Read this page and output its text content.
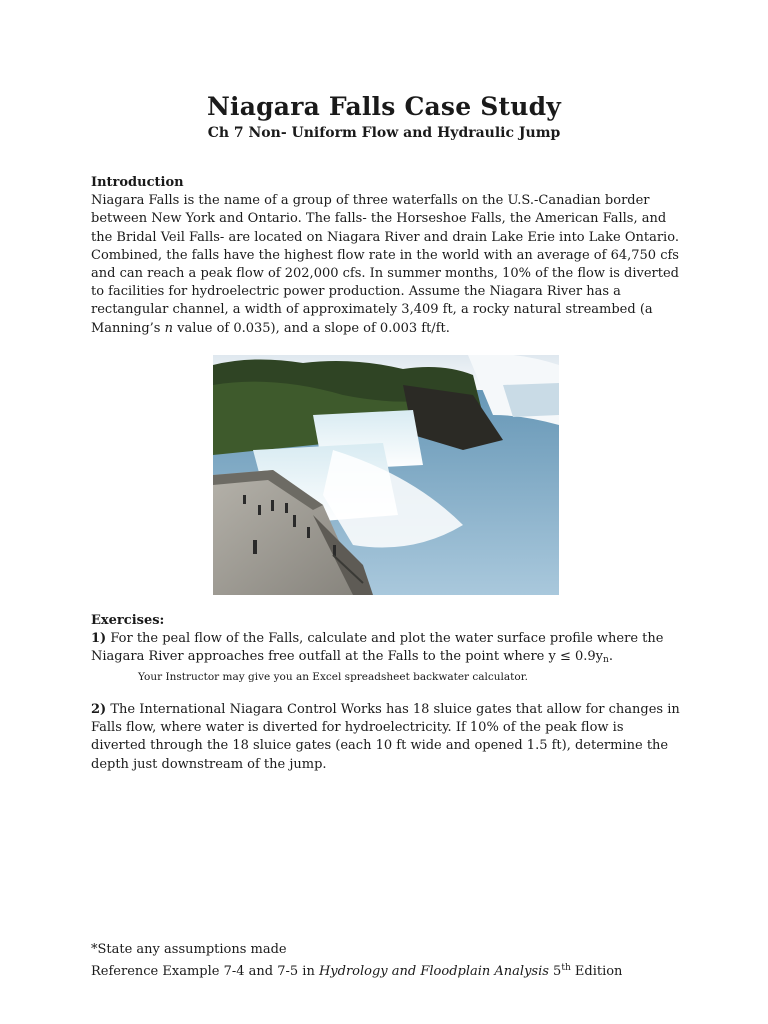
Niagara Falls Case Study
Ch 7 Non- Uniform Flow and Hydraulic Jump

Introduction

Niagara Falls is the name of a group of three waterfalls on the U.S.-Canadian border between New York and Ontario. The falls- the Horseshoe Falls, the American Falls, and the Bridal Veil Falls- are located on Niagara River and drain Lake Erie into Lake Ontario. Combined, the falls have the highest flow rate in the world with an average of 64,750 cfs and can reach a peak flow of 202,000 cfs. In summer months, 10% of the flow is diverted to facilities for hydroelectric power production. Assume the Niagara River has a rectangular channel, a width of approximately 3,409 ft, a rocky natural streambed (a Manning’s n value of 0.035), and a slope of 0.003 ft/ft.

Exercises:

1) For the peal flow of the Falls, calculate and plot the water surface profile where the Niagara River approaches free outfall at the Falls to the point where $y \le 0.9y_n$.

Your Instructor may give you an Excel spreadsheet backwater calculator.

2) The International Niagara Control Works has 18 sluice gates that allow for changes in Falls flow, where water is diverted for hydroelectricity. If 10% of the peak flow is diverted through the 18 sluice gates (each 10 ft wide and opened 1.5 ft), determine the depth just downstream of the jump.

*State any assumptions made

Reference Example 7-4 and 7-5 in Hydrology and Floodplain Analysis 5th Edition
